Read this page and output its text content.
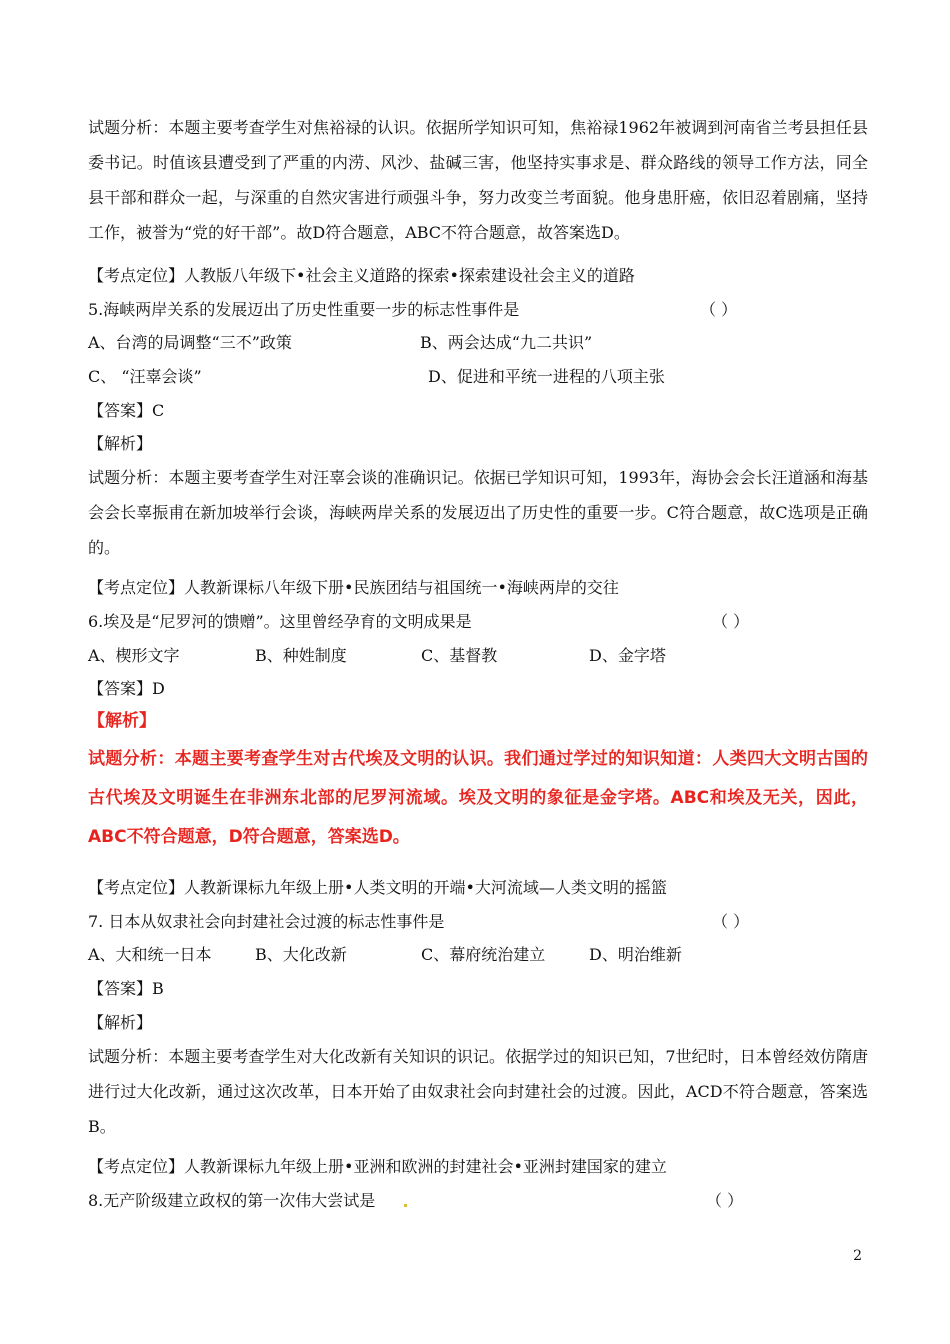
试题分析：本题主要考查学生对焦裕禄的认识。依据所学知识可知，焦裕禄1962年被调到河南省兰考县担任县委书记。时值该县遭受到了严重的内涝、风沙、盐碱三害，他坚持实事求是、群众路线的领导工作方法，同全县干部和群众一起，与深重的自然灾害进行顽强斗争，努力改变兰考面貌。他身患肝癌，依旧忍着剧痛，坚持工作，被誉为“党的好干部”。故D符合题意，ABC不符合题意，故答案选D。
【考点定位】人教版八年级下•社会主义道路的探索•探索建设社会主义的道路
5.海峡两岸关系的发展迈出了历史性重要一步的标志性事件是	（ ）
A、台湾的局调整“三不”政策	B、两会达成“九二共识”
C、 “汪辜会谈”	D、促进和平统一进程的八项主张
【答案】C
【解析】
试题分析：本题主要考查学生对汪辜会谈的准确识记。依据已学知识可知，1993年，海协会会长汪道涵和海基会会长辜振甫在新加坡举行会谈，海峡两岸关系的发展迈出了历史性的重要一步。C符合题意，故C选项是正确的。
【考点定位】人教新课标八年级下册•民族团结与祖国统一•海峡两岸的交往
6.埃及是“尼罗河的馈赠”。这里曾经孕育的文明成果是	（ ）
A、楔形文字	B、种姓制度	C、基督教	D、金字塔
【答案】D
【解析】
试题分析：本题主要考查学生对古代埃及文明的认识。我们通过学过的知识知道：人类四大文明古国的古代埃及文明诞生在非洲东北部的尼罗河流域。埃及文明的象征是金字塔。ABC和埃及无关，因此，ABC不符合题意，D符合题意，答案选D。
【考点定位】人教新课标九年级上册•人类文明的开端•大河流域—人类文明的摇篮
7. 日本从奴隶社会向封建社会过渡的标志性事件是	（ ）
A、大和统一日本	B、大化改新	C、幕府统治建立	D、明治维新
【答案】B
【解析】
试题分析：本题主要考查学生对大化改新有关知识的识记。依据学过的知识已知，7世纪时，日本曾经效仿隋唐进行过大化改新，通过这次改革，日本开始了由奴隶社会向封建社会的过渡。因此，ACD不符合题意，答案选B。
【考点定位】人教新课标九年级上册•亚洲和欧洲的封建社会•亚洲封建国家的建立
8.无产阶级建立政权的第一次伟大尝试是	（ ）
2
